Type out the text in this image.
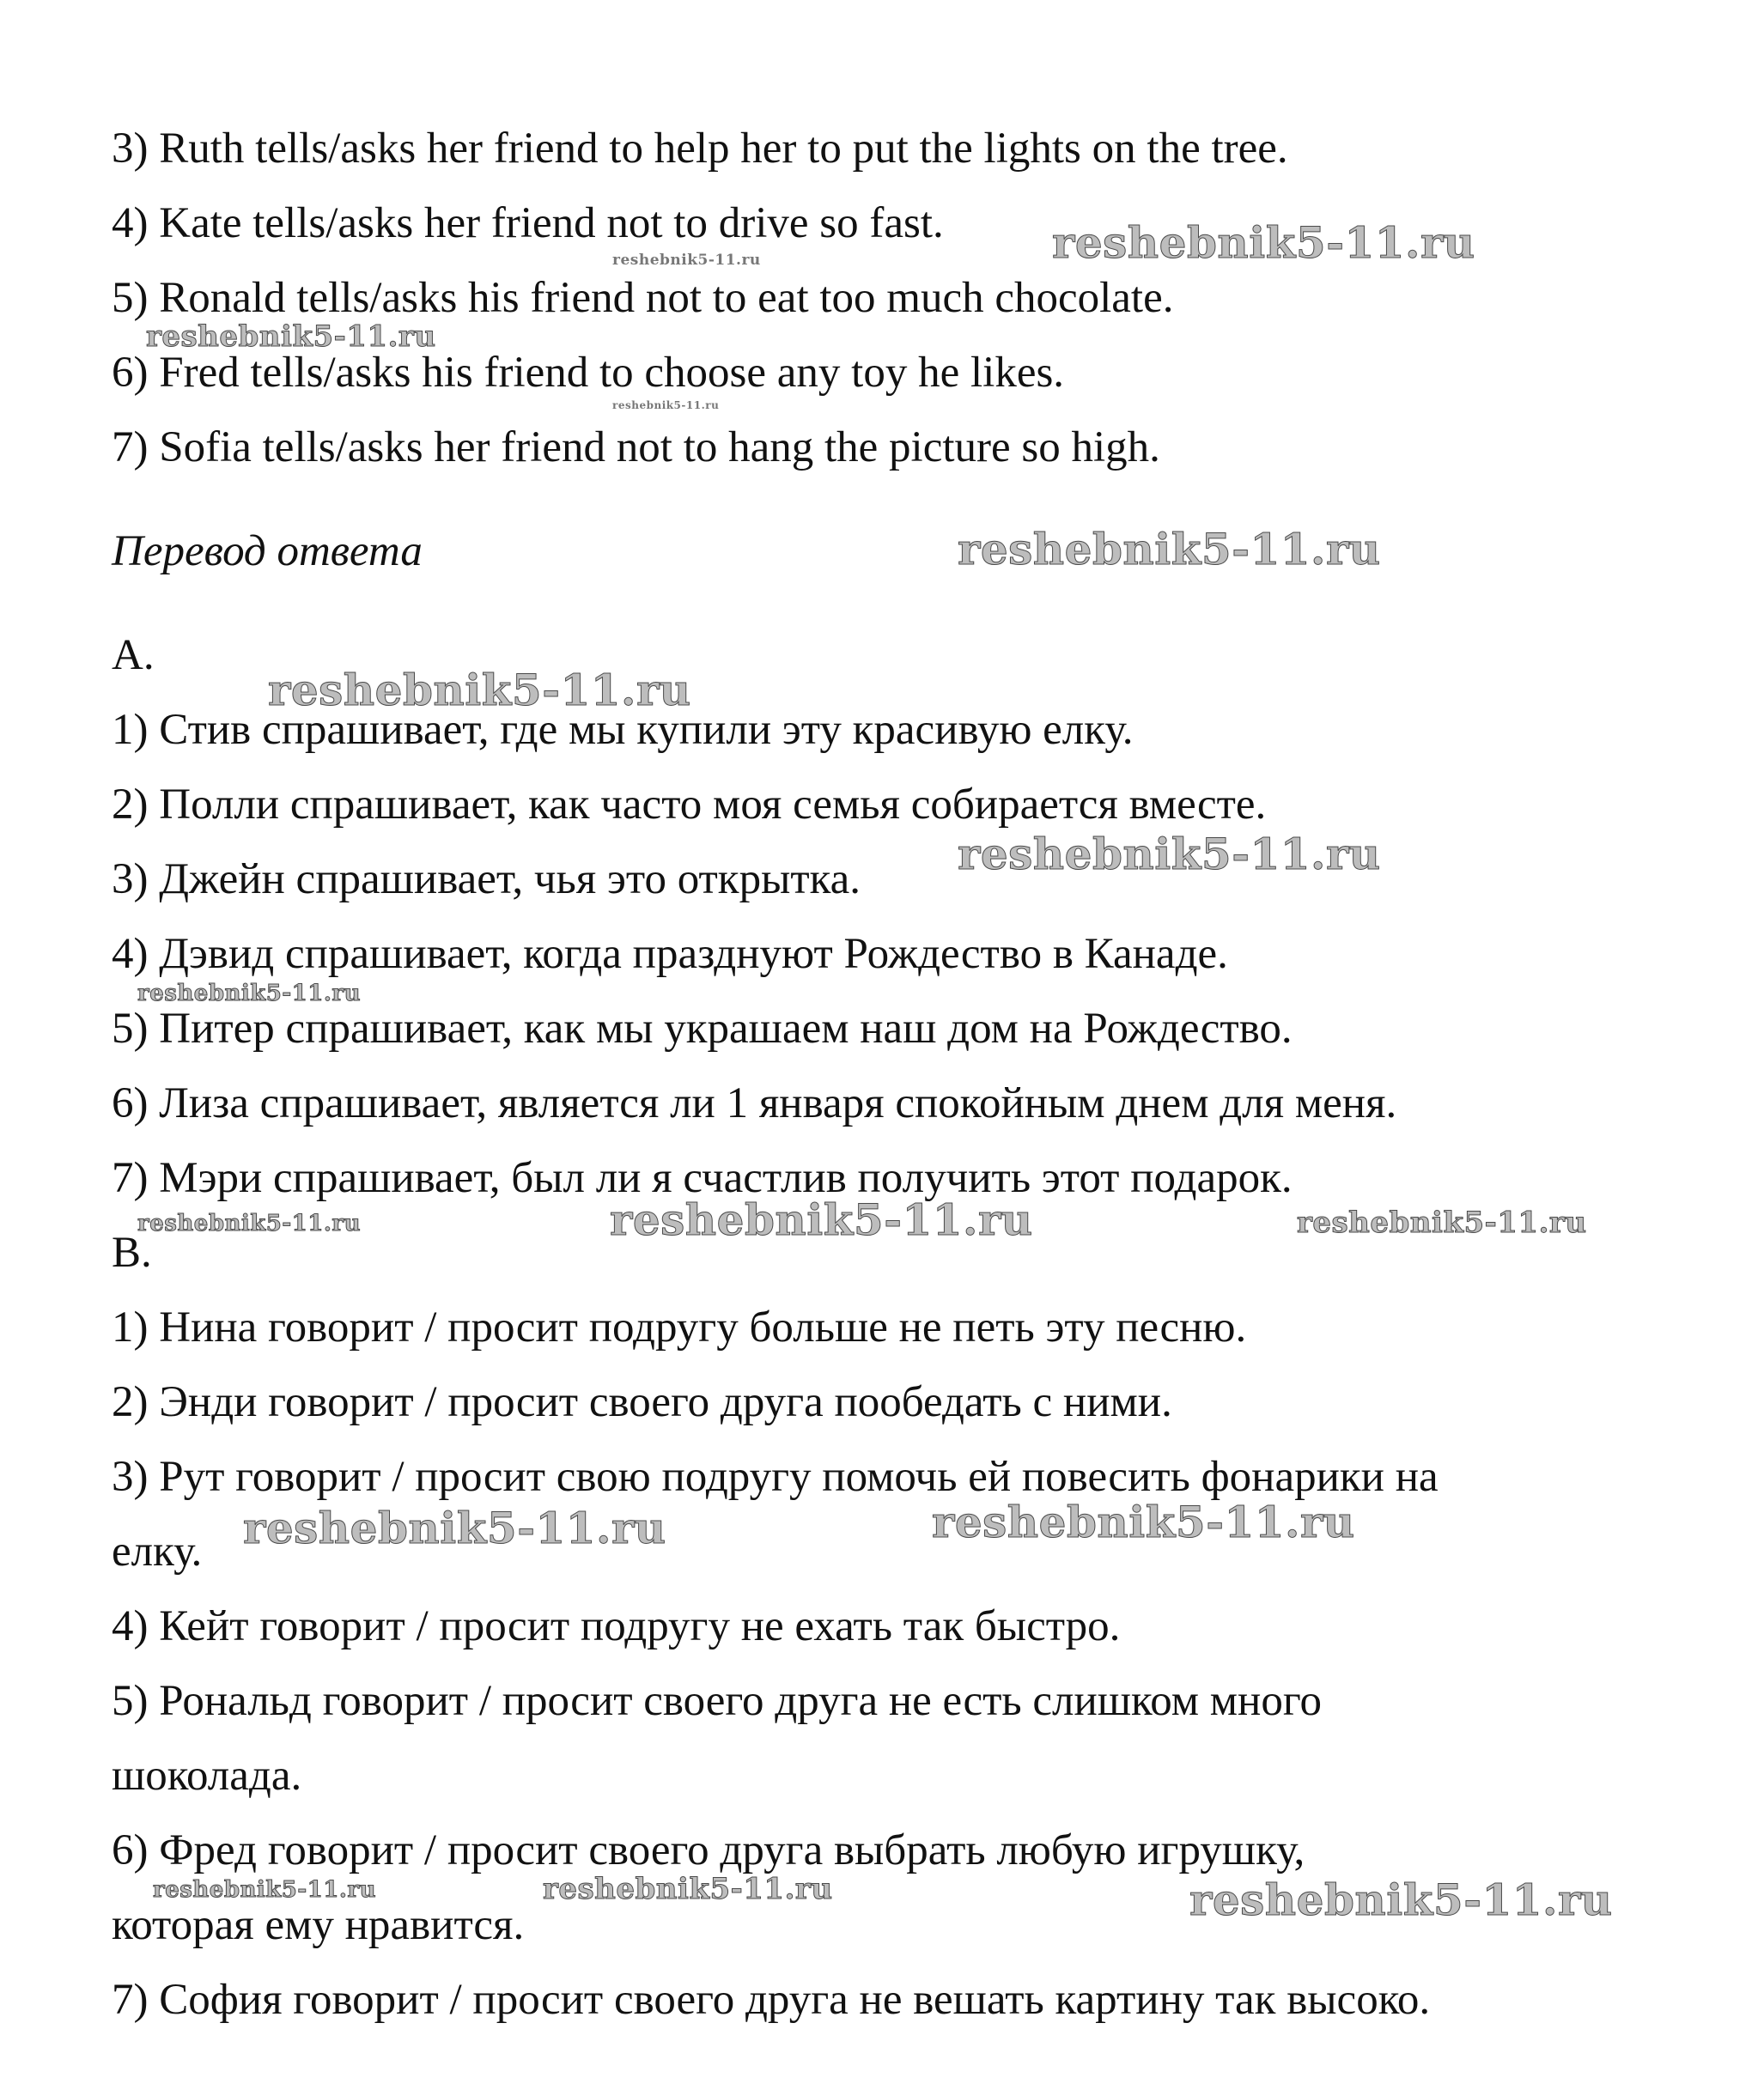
3) Ruth tells/asks her friend to help her to put the lights on the tree.
4) Kate tells/asks her friend not to drive so fast.
5) Ronald tells/asks his friend not to eat too much chocolate.
6) Fred tells/asks his friend to choose any toy he likes.
7) Sofia tells/asks her friend not to hang the picture so high.
Перевод ответа
A.
1) Стив спрашивает, где мы купили эту красивую елку.
2) Полли спрашивает, как часто моя семья собирается вместе.
3) Джейн спрашивает, чья это открытка.
4) Дэвид спрашивает, когда празднуют Рождество в Канаде.
5) Питер спрашивает, как мы украшаем наш дом на Рождество.
6) Лиза спрашивает, является ли 1 января спокойным днем для меня.
7) Мэри спрашивает, был ли я счастлив получить этот подарок.
B.
1) Нина говорит / просит подругу больше не петь эту песню.
2) Энди говорит / просит своего друга пообедать с ними.
3) Рут говорит / просит свою подругу помочь ей повесить фонарики на
елку.
4) Кейт говорит / просит подругу не ехать так быстро.
5) Рональд говорит / просит своего друга не есть слишком много
шоколада.
6) Фред говорит / просит своего друга выбрать любую игрушку,
которая ему нравится.
7) София говорит / просит своего друга не вешать картину так высоко.
reshebnik5-11.ru
reshebnik5-11.ru
reshebnik5-11.ru
reshebnik5-11.ru
reshebnik5-11.ru
reshebnik5-11.ru
reshebnik5-11.ru
reshebnik5-11.ru
reshebnik5-11.ru	reshebnik5-11.ru	reshebnik5-11.ru
reshebnik5-11.ru	reshebnik5-11.ru
reshebnik5-11.ru	reshebnik5-11.ru	reshebnik5-11.ru
